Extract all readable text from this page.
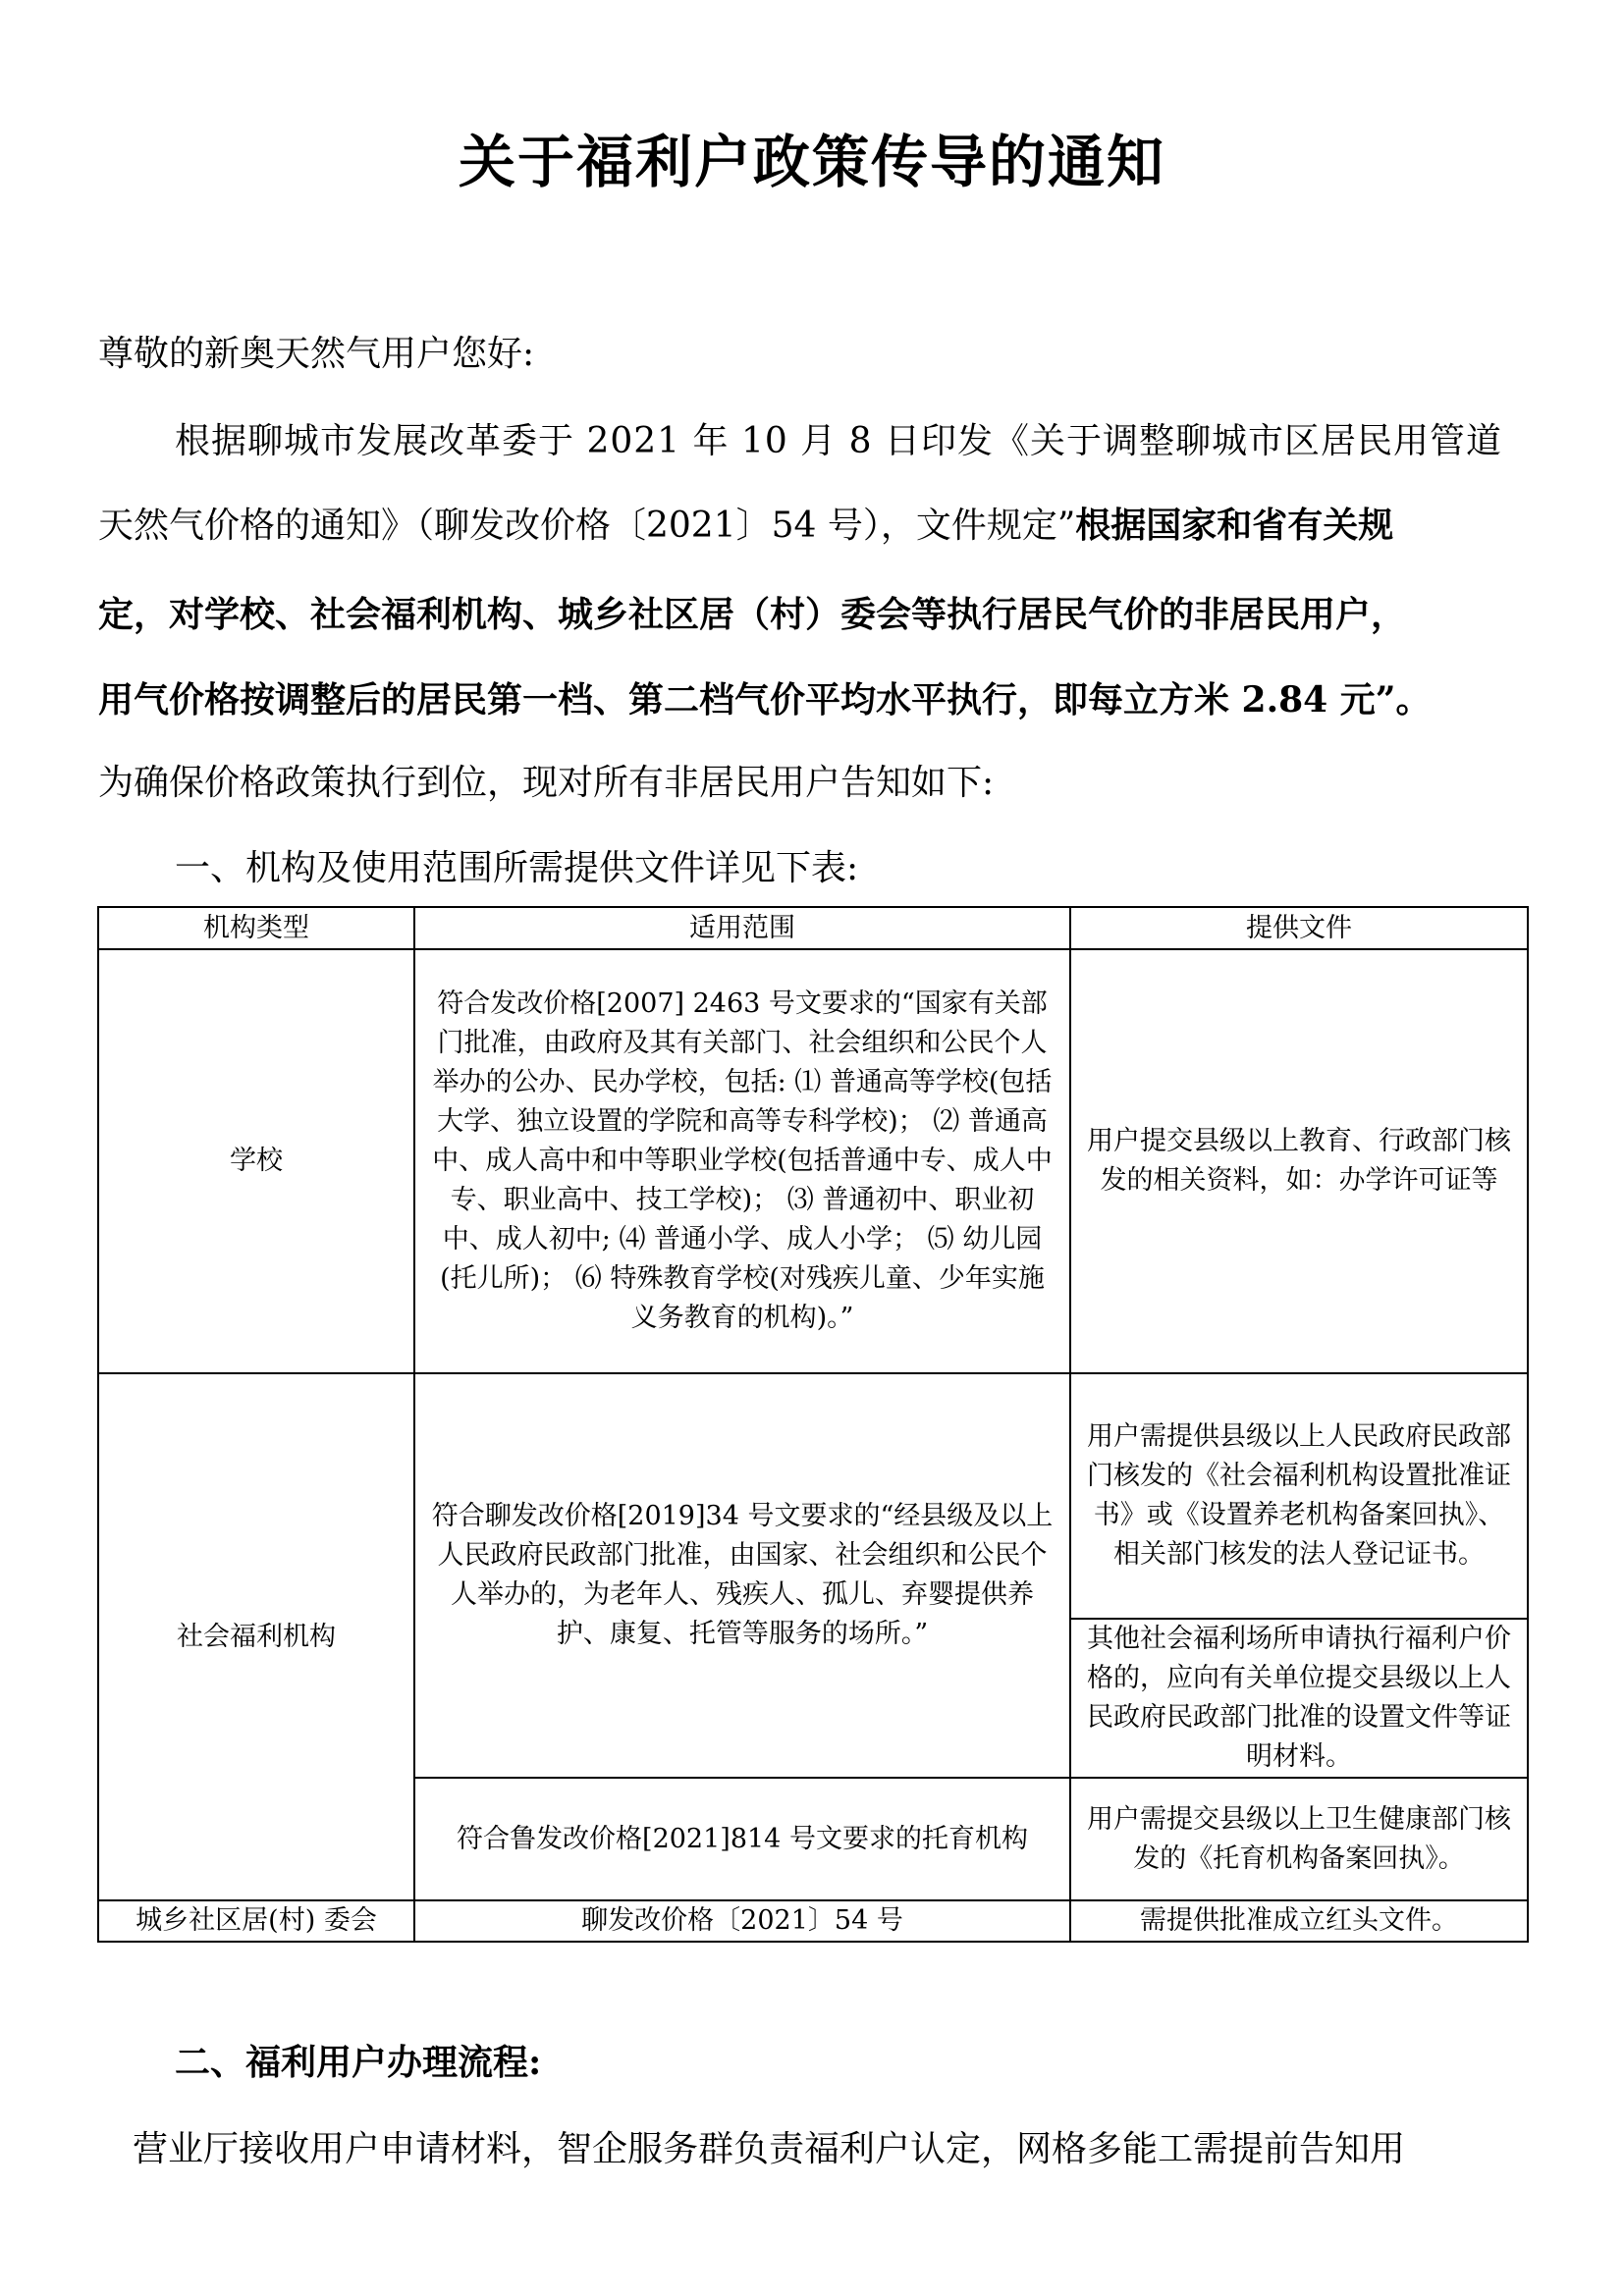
关于福利户政策传导的通知
尊敬的新奥天然气用户您好:
根据聊城市发展改革委于 2021 年 10 月 8 日印发《关于调整聊城市区居民用管道
天然气价格的通知》（聊发改价格〔2021〕54 号），文件规定”根据国家和省有关规
定，对学校、社会福利机构、城乡社区居（村）委会等执行居民气价的非居民用户，
用气价格按调整后的居民第一档、第二档气价平均水平执行，即每立方米 2.84 元”。
为确保价格政策执行到位，现对所有非居民用户告知如下:
一、机构及使用范围所需提供文件详见下表:
机构类型	适用范围	提供文件
学校	符合发改价格[2007] 2463 号文要求的“国家有关部门批准，由政府及其有关部门、社会组织和公民个人举办的公办、民办学校，包括: ⑴ 普通高等学校(包括大学、独立设置的学院和高等专科学校)； ⑵ 普通高中、成人高中和中等职业学校(包括普通中专、成人中专、职业高中、技工学校)； ⑶ 普通初中、职业初中、成人初中; ⑷ 普通小学、成人小学； ⑸ 幼儿园(托儿所)； ⑹ 特殊教育学校(对残疾儿童、少年实施义务教育的机构)。”	用户提交县级以上教育、行政部门核发的相关资料，如：办学许可证等
社会福利机构	符合聊发改价格[2019]34 号文要求的“经县级及以上人民政府民政部门批准，由国家、社会组织和公民个人举办的，为老年人、残疾人、孤儿、弃婴提供养护、康复、托管等服务的场所。”	用户需提供县级以上人民政府民政部门核发的《社会福利机构设置批准证书》或《设置养老机构备案回执》、相关部门核发的法人登记证书。
		其他社会福利场所申请执行福利户价格的，应向有关单位提交县级以上人民政府民政部门批准的设置文件等证明材料。
	符合鲁发改价格[2021]814 号文要求的托育机构	用户需提交县级以上卫生健康部门核发的《托育机构备案回执》。
城乡社区居(村) 委会	聊发改价格〔2021〕54 号	需提供批准成立红头文件。
二、福利用户办理流程:
营业厅接收用户申请材料，智企服务群负责福利户认定，网格多能工需提前告知用
